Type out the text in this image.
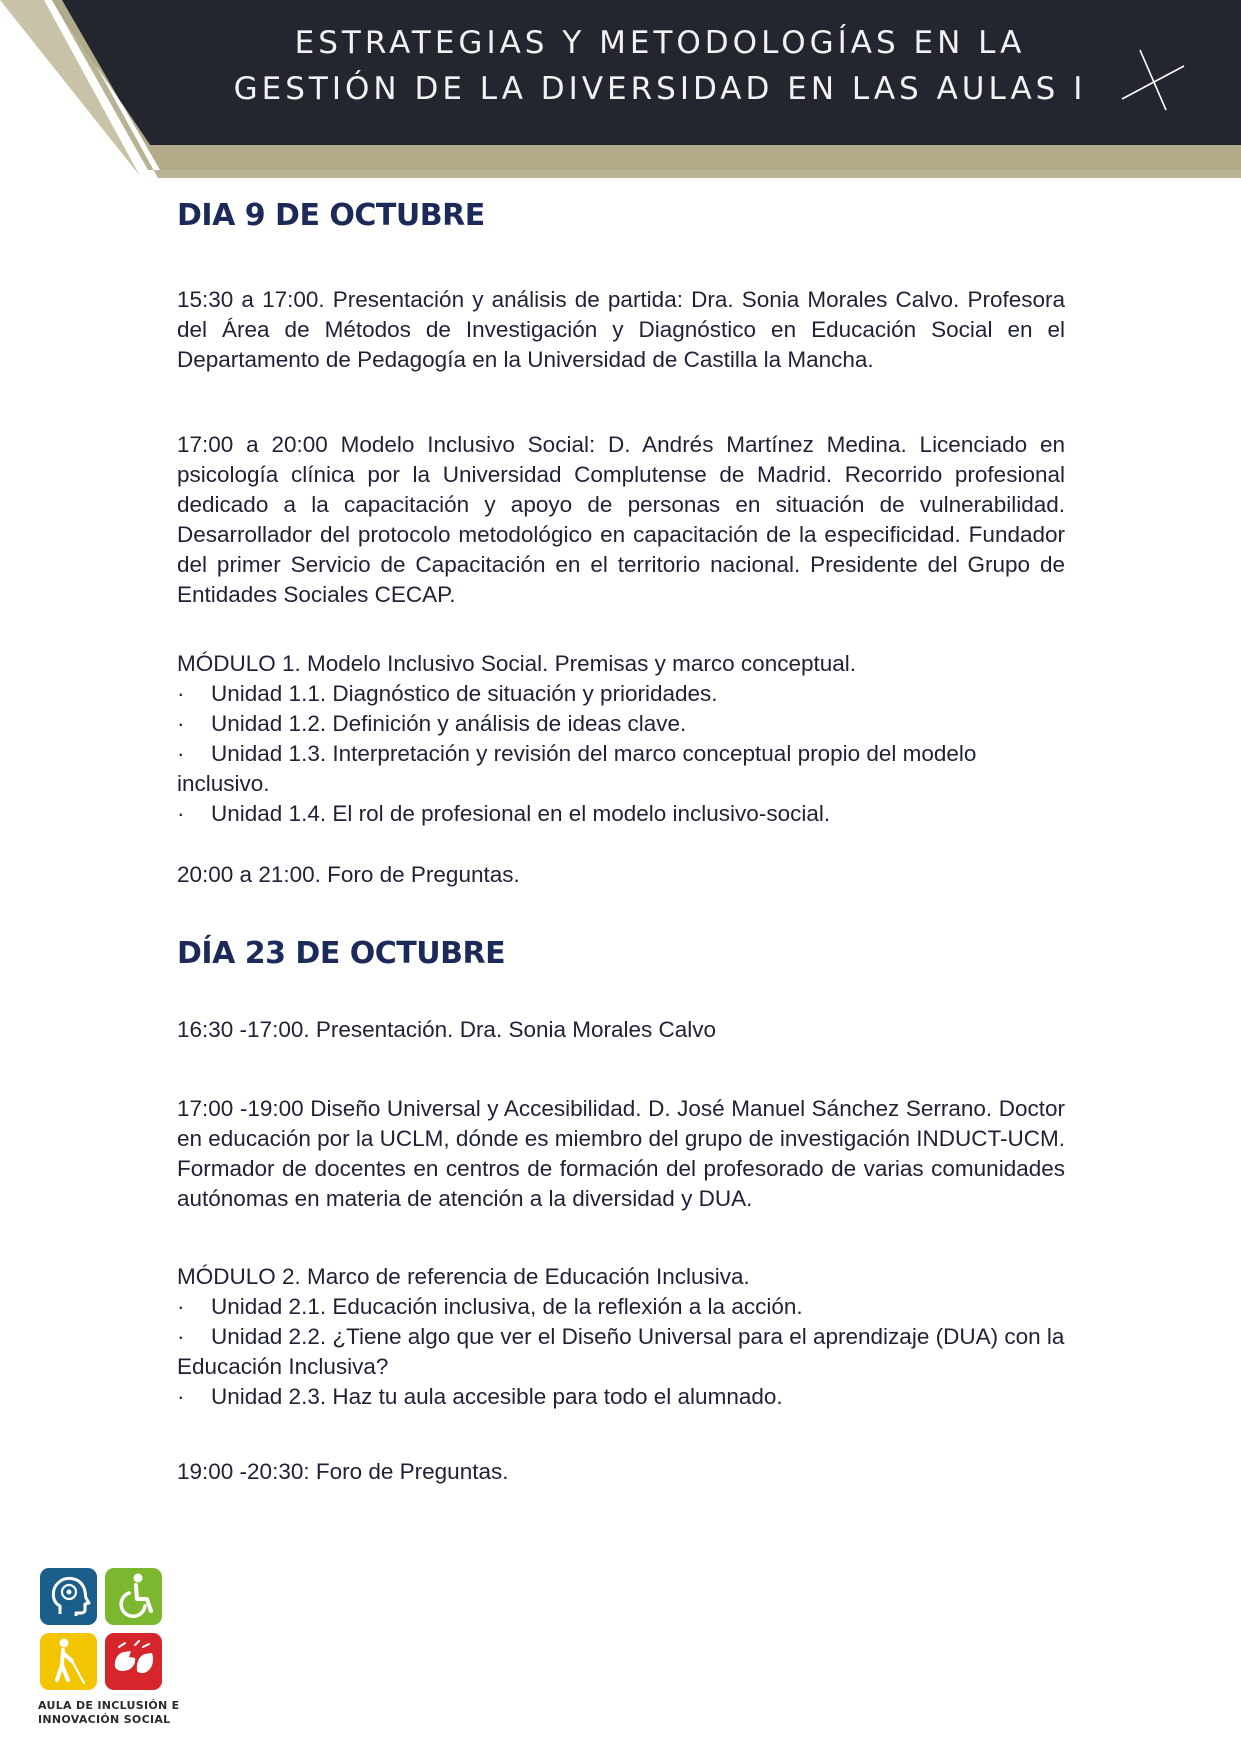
ESTRATEGIAS Y METODOLOGÍAS EN LA
GESTIÓN DE LA DIVERSIDAD EN LAS AULAS I
DIA 9 DE OCTUBRE

15:30 a 17:00. Presentación y análisis de partida: Dra. Sonia Morales Calvo. Profesora del Área de Métodos de Investigación y Diagnóstico en Educación Social en el Departamento de Pedagogía en la Universidad de Castilla la Mancha.

17:00 a 20:00 Modelo Inclusivo Social: D. Andrés Martínez Medina. Licenciado en psicología clínica por la Universidad Complutense de Madrid. Recorrido profesional dedicado a la capacitación y apoyo de personas en situación de vulnerabilidad. Desarrollador del protocolo metodológico en capacitación de la especificidad. Fundador del primer Servicio de Capacitación en el territorio nacional. Presidente del Grupo de Entidades Sociales CECAP.

MÓDULO 1. Modelo Inclusivo Social. Premisas y marco conceptual.

· Unidad 1.1. Diagnóstico de situación y prioridades.

· Unidad 1.2. Definición y análisis de ideas clave.

· Unidad 1.3. Interpretación y revisión del marco conceptual propio del modelo

inclusivo.

· Unidad 1.4. El rol de profesional en el modelo inclusivo-social.

20:00 a 21:00. Foro de Preguntas.

DÍA 23 DE OCTUBRE

16:30 -17:00. Presentación. Dra. Sonia Morales Calvo

17:00 -19:00 Diseño Universal y Accesibilidad. D. José Manuel Sánchez Serrano. Doctor en educación por la UCLM, dónde es miembro del grupo de investigación INDUCT-UCM. Formador de docentes en centros de formación del profesorado de varias comunidades autónomas en materia de atención a la diversidad y DUA.

MÓDULO 2. Marco de referencia de Educación Inclusiva.

· Unidad 2.1. Educación inclusiva, de la reflexión a la acción.

· Unidad 2.2. ¿Tiene algo que ver el Diseño Universal para el aprendizaje (DUA) con la

Educación Inclusiva?

· Unidad 2.3. Haz tu aula accesible para todo el alumnado.

19:00 -20:30: Foro de Preguntas.

AULA DE INCLUSIÓN E
INNOVACIÓN SOCIAL
